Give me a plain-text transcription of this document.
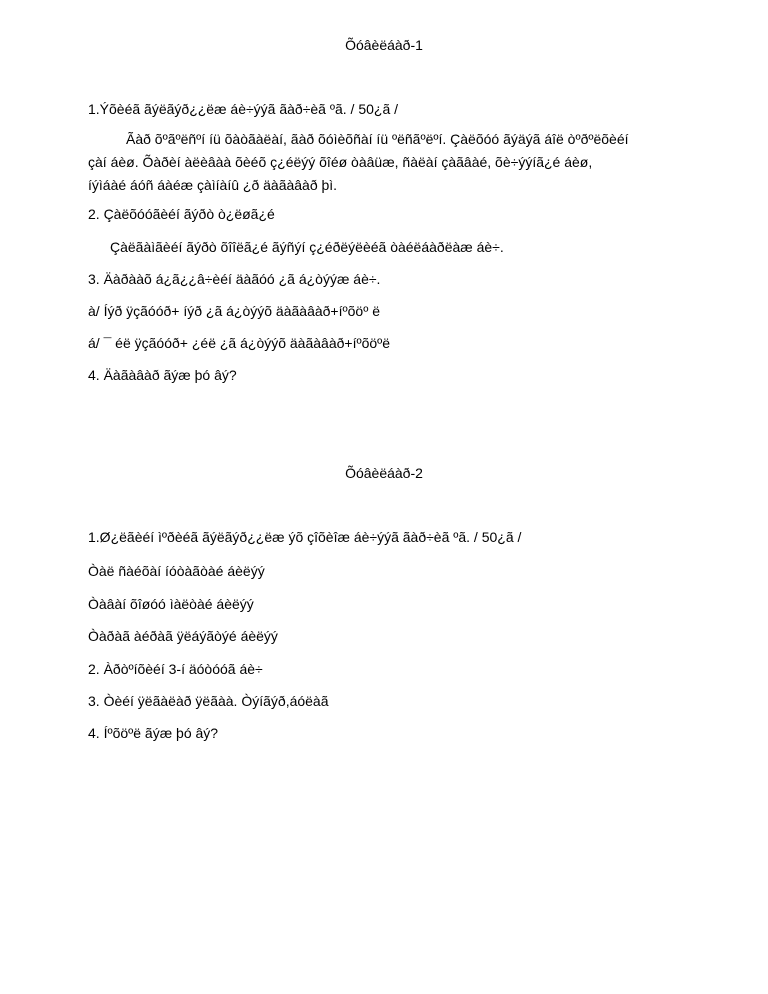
Õóâèëáàð-1
1.Ýõèéã ãýëãýð¿¿ëæ áè÷ýýã ãàð÷èã ºã. / 50¿ã /
Ãàð õºãºëñºí íü õàòãàëàí, ãàð õóìèõñàí íü ºëñãºëºí. Çàëõóó ãýäýã áîë òºðºëõèéí
çàí áèø. Õàðèí àëèâàà õèéõ ç¿éëýý õîéø òàâüæ, ñàëàí çàãâàé, õè÷ýýíã¿é áèø,
íýìáàé áóñ áàéæ çàìíàíû ¿ð äàãàâàð þì.
2. Çàëõóóãèéí ãýðò ò¿ëøã¿é
Çàëãàìãèéí ãýðò õîîëã¿é ãýñýí ç¿éðëýëèéã òàéëáàðëàæ áè÷.
3. Äàðààõ á¿ã¿¿â÷èéí äàãóó ¿ã á¿òýýæ áè÷.
à/ Íýð ÿçãóóð+ íýð ¿ã á¿òýýõ äàãàâàð+íºõöº ë
á/ ¯ éë ÿçãóóð+ ¿éë ¿ã á¿òýýõ äàãàâàð+íºõöºë
4. Äàãàâàð ãýæ þó âý?
Õóâèëáàð-2
1.Ø¿ëãèéí ìºðèéã ãýëãýð¿¿ëæ ýõ çîõèîæ áè÷ýýã ãàð÷èã ºã. / 50¿ã /
Òàë ñàéõàí íóòàãòàé áèëýý
Òàâàí õîøóó ìàëòàé áèëýý
Òàðàã àéðàã ÿëáýãòýé áèëýý
2. Àðòºíõèéí 3-í äóòóóã áè÷
3. Òèéí ÿëãàëàð ÿëãàà. Òýíãýð,áóëàã
4. Íºõöºë ãýæ þó âý?
